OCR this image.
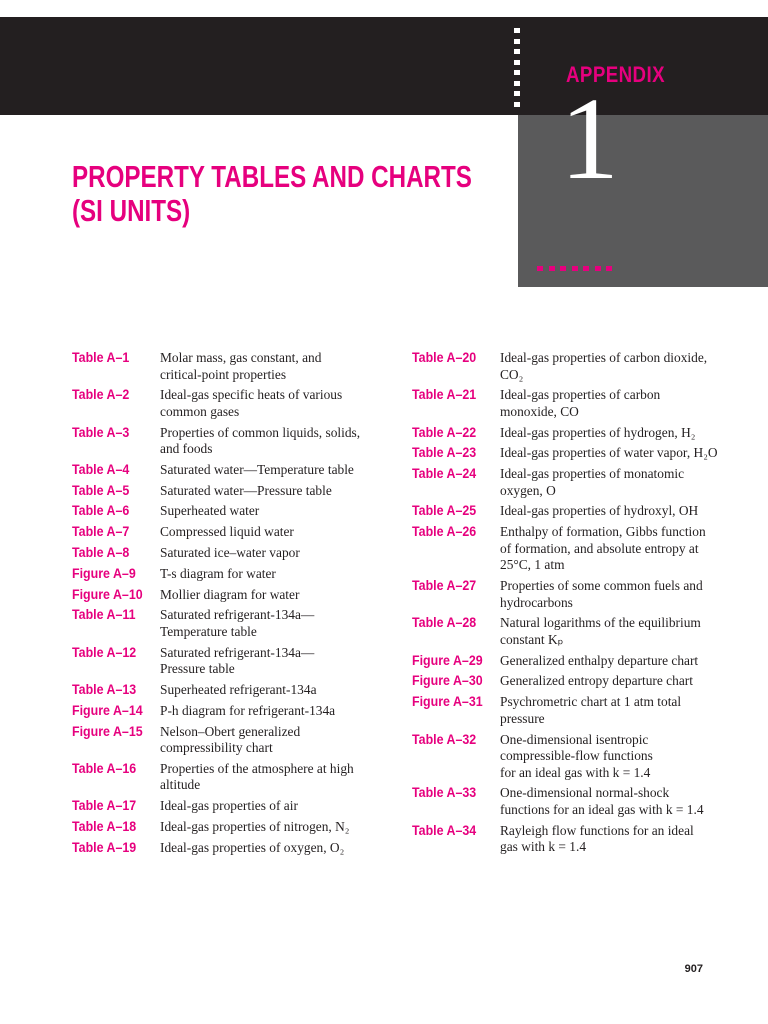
APPENDIX
1
PROPERTY TABLES AND CHARTS
(SI UNITS)
Table A–1	Molar mass, gas constant, and
critical-point properties
Table A–2	Ideal-gas specific heats of various
common gases
Table A–3	Properties of common liquids, solids,
and foods
Table A–4	Saturated water—Temperature table
Table A–5	Saturated water—Pressure table
Table A–6	Superheated water
Table A–7	Compressed liquid water
Table A–8	Saturated ice–water vapor
Figure A–9	T-s diagram for water
Figure A–10	Mollier diagram for water
Table A–11	Saturated refrigerant-134a—
Temperature table
Table A–12	Saturated refrigerant-134a—
Pressure table
Table A–13	Superheated refrigerant-134a
Figure A–14	P-h diagram for refrigerant-134a
Figure A–15	Nelson–Obert generalized
compressibility chart
Table A–16	Properties of the atmosphere at high
altitude
Table A–17	Ideal-gas properties of air
Table A–18	Ideal-gas properties of nitrogen, N₂
Table A–19	Ideal-gas properties of oxygen, O₂
Table A–20	Ideal-gas properties of carbon dioxide,
CO₂
Table A–21	Ideal-gas properties of carbon
monoxide, CO
Table A–22	Ideal-gas properties of hydrogen, H₂
Table A–23	Ideal-gas properties of water vapor, H₂O
Table A–24	Ideal-gas properties of monatomic
oxygen, O
Table A–25	Ideal-gas properties of hydroxyl, OH
Table A–26	Enthalpy of formation, Gibbs function
of formation, and absolute entropy at
25°C, 1 atm
Table A–27	Properties of some common fuels and
hydrocarbons
Table A–28	Natural logarithms of the equilibrium
constant Kₚ
Figure A–29	Generalized enthalpy departure chart
Figure A–30	Generalized entropy departure chart
Figure A–31	Psychrometric chart at 1 atm total
pressure
Table A–32	One-dimensional isentropic
compressible-flow functions
for an ideal gas with k = 1.4
Table A–33	One-dimensional normal-shock
functions for an ideal gas with k = 1.4
Table A–34	Rayleigh flow functions for an ideal
gas with k = 1.4
907
